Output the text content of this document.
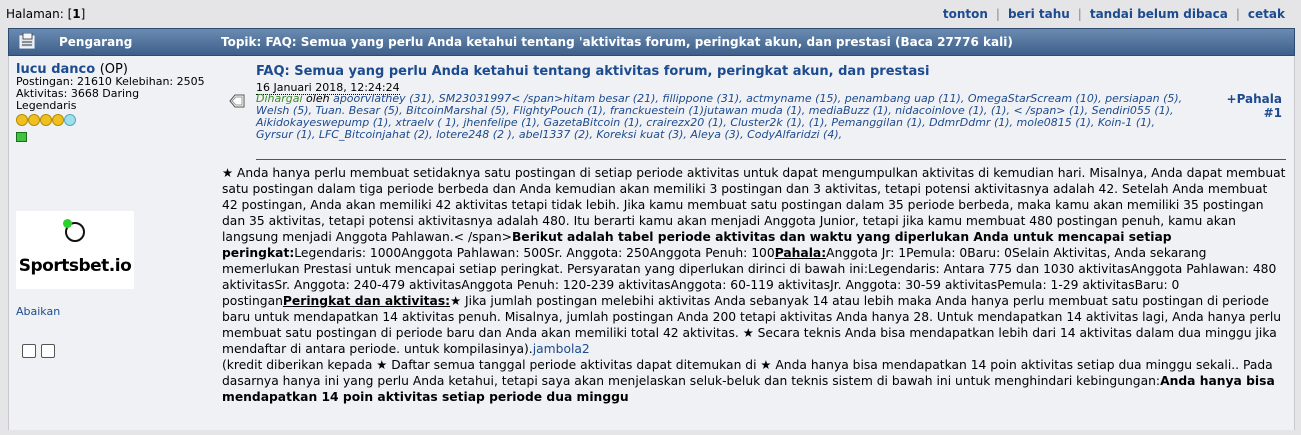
Halaman: [1]	tonton | beri tahu | tandai belum dibaca | cetak
Pengarang	Topik: FAQ: Semua yang perlu Anda ketahui tentang 'aktivitas forum, peringkat akun, dan prestasi (Baca 27776 kali)
lucu danco (OP)
Postingan: 21610 Kelebihan: 2505
Aktivitas: 3668 Daring
Legendaris
Sportsbet.io
Abaikan
FAQ: Semua yang perlu Anda ketahui tentang aktivitas forum, peringkat akun, dan prestasi
16 Januari 2018, 12:24:24
+Pahala
#1
Dihargai oleh apoorvlathey (31), SM23031997< /span>hitam besar (21), fillippone (31), actmyname (15), penambang uap (11), OmegaStarScream (10), persiapan (5), Welsh (5), Tuan. Besar (5), BitcoinMarshal (5), FlightyPouch (1), franckuestein (1)jutawan muda (1), mediaBuzz (1), nidacoinlove (1), (1), < /span> (1), Sendiri055 (1), Aikidokayeswepump (1), xtraelv ( 1), jhenfelipe (1), GazetaBitcoin (1), crairezx20 (1), Cluster2k (1), (1), Pemanggilan (1), DdmrDdmr (1), mole0815 (1), Koin-1 (1), Gyrsur (1), LFC_Bitcoinjahat (2), lotere248 (2 ), abel1337 (2), Koreksi kuat (3), Aleya (3), CodyAlfaridzi (4),
★ Anda hanya perlu membuat setidaknya satu postingan di setiap periode aktivitas untuk dapat mengumpulkan aktivitas di kemudian hari. Misalnya, Anda dapat membuat satu postingan dalam tiga periode berbeda dan Anda kemudian akan memiliki 3 postingan dan 3 aktivitas, tetapi potensi aktivitasnya adalah 42. Setelah Anda membuat 42 postingan, Anda akan memiliki 42 aktivitas tetapi tidak lebih. Jika kamu membuat satu postingan dalam 35 periode berbeda, maka kamu akan memiliki 35 postingan dan 35 aktivitas, tetapi potensi aktivitasnya adalah 480. Itu berarti kamu akan menjadi Anggota Junior, tetapi jika kamu membuat 480 postingan penuh, kamu akan langsung menjadi Anggota Pahlawan.< /span>Berikut adalah tabel periode aktivitas dan waktu yang diperlukan Anda untuk mencapai setiap peringkat:Legendaris: 1000Anggota Pahlawan: 500Sr. Anggota: 250Anggota Penuh: 100Pahala:Anggota Jr: 1Pemula: 0Baru: 0Selain Aktivitas, Anda sekarang memerlukan Prestasi untuk mencapai setiap peringkat. Persyaratan yang diperlukan dirinci di bawah ini:Legendaris: Antara 775 dan 1030 aktivitasAnggota Pahlawan: 480 aktivitasSr. Anggota: 240-479 aktivitasAnggota Penuh: 120-239 aktivitasAnggota: 60-119 aktivitasJr. Anggota: 30-59 aktivitasPemula: 1-29 aktivitasBaru: 0 postinganPeringkat dan aktivitas:★ Jika jumlah postingan melebihi aktivitas Anda sebanyak 14 atau lebih maka Anda hanya perlu membuat satu postingan di periode baru untuk mendapatkan 14 aktivitas penuh. Misalnya, jumlah postingan Anda 200 tetapi aktivitas Anda hanya 28. Untuk mendapatkan 14 aktivitas lagi, Anda hanya perlu membuat satu postingan di periode baru dan Anda akan memiliki total 42 aktivitas. ★ Secara teknis Anda bisa mendapatkan lebih dari 14 aktivitas dalam dua minggu jika mendaftar di antara periode. untuk kompilasinya).jambola2
(kredit diberikan kepada ★ Daftar semua tanggal periode aktivitas dapat ditemukan di ★ Anda hanya bisa mendapatkan 14 poin aktivitas setiap dua minggu sekali.. Pada dasarnya hanya ini yang perlu Anda ketahui, tetapi saya akan menjelaskan seluk-beluk dan teknis sistem di bawah ini untuk menghindari kebingungan:Anda hanya bisa mendapatkan 14 poin aktivitas setiap periode dua minggu
